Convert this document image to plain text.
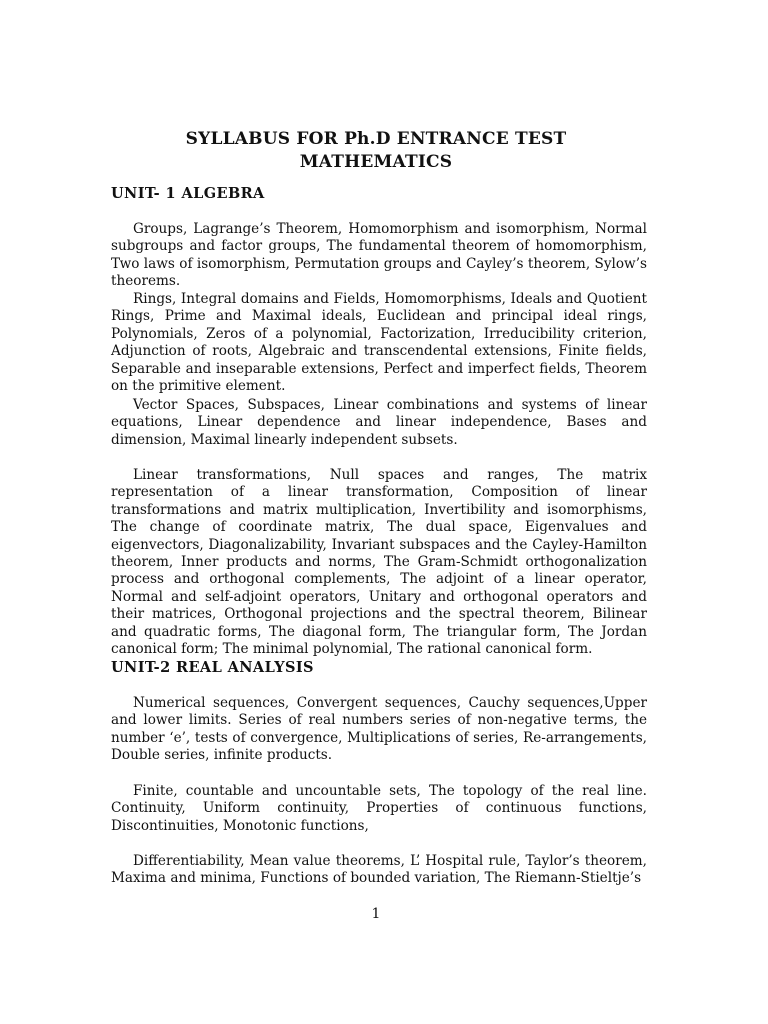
SYLLABUS FOR Ph.D ENTRANCE TEST
MATHEMATICS
UNIT- 1 ALGEBRA

Groups, Lagrange’s Theorem, Homomorphism and isomorphism, Normal subgroups and factor groups, The fundamental theorem of homomorphism, Two laws of isomorphism, Permutation groups and Cayley’s theorem, Sylow’s theorems.

Rings, Integral domains and Fields, Homomorphisms, Ideals and Quotient Rings, Prime and Maximal ideals, Euclidean and principal ideal rings, Polynomials, Zeros of a polynomial, Factorization, Irreducibility criterion, Adjunction of roots, Algebraic and transcendental extensions, Finite fields, Separable and inseparable extensions, Perfect and imperfect fields, Theorem on the primitive element.

Vector Spaces, Subspaces, Linear combinations and systems of linear equations, Linear dependence and linear independence, Bases and dimension, Maximal linearly independent subsets.

Linear transformations, Null spaces and ranges, The matrix representation of a linear transformation, Composition of linear transformations and matrix multiplication, Invertibility and isomorphisms, The change of coordinate matrix, The dual space, Eigenvalues and eigenvectors, Diagonalizability, Invariant subspaces and the Cayley-Hamilton theorem, Inner products and norms, The Gram-Schmidt orthogonalization process and orthogonal complements, The adjoint of a linear operator, Normal and self-adjoint operators, Unitary and orthogonal operators and their matrices, Orthogonal projections and the spectral theorem, Bilinear and quadratic forms, The diagonal form, The triangular form, The Jordan canonical form; The minimal polynomial, The rational canonical form.

UNIT-2 REAL ANALYSIS

Numerical sequences, Convergent sequences, Cauchy sequences,Upper and lower limits. Series of real numbers series of non-negative terms, the number ‘e’, tests of convergence, Multiplications of series, Re-arrangements, Double series, infinite products.

Finite, countable and uncountable sets, The topology of the real line. Continuity, Uniform continuity, Properties of continuous functions, Discontinuities, Monotonic functions,

Differentiability, Mean value theorems, L’ Hospital rule, Taylor’s theorem, Maxima and minima, Functions of bounded variation, The Riemann-Stieltje’s

1
